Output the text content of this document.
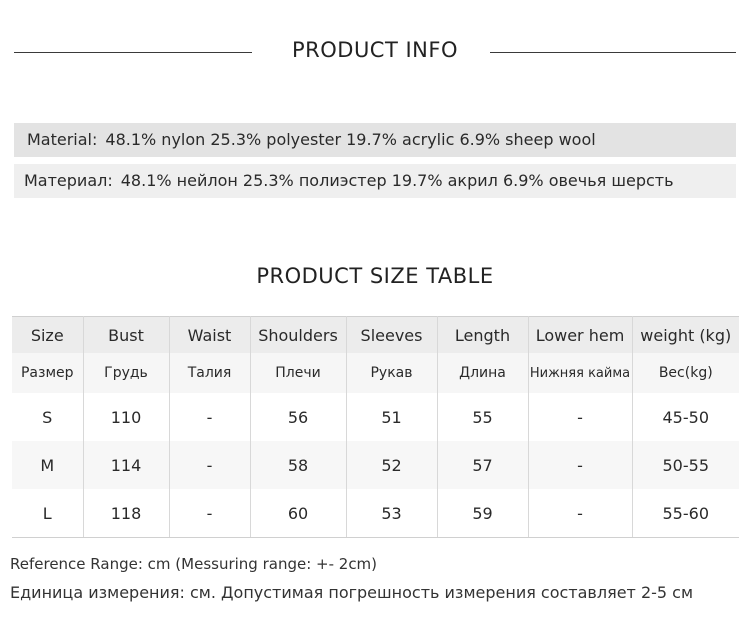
PRODUCT INFO
Material: 48.1% nylon 25.3% polyester 19.7% acrylic 6.9% sheep wool
Материал: 48.1% нейлон 25.3% полиэстер 19.7% акрил 6.9% овечья шерсть
PRODUCT SIZE TABLE
Size	Bust	Waist	Shoulders	Sleeves	Length	Lower hem	weight (kg)
Размер	Грудь	Талия	Плечи	Рукав	Длина	Нижняя кайма	Вес(kg)
S	110	-	56	51	55	-	45-50
M	114	-	58	52	57	-	50-55
L	118	-	60	53	59	-	55-60
Reference Range: cm (Messuring range: +- 2cm)
Единица измерения: см. Допустимая погрешность измерения составляет 2-5 см
